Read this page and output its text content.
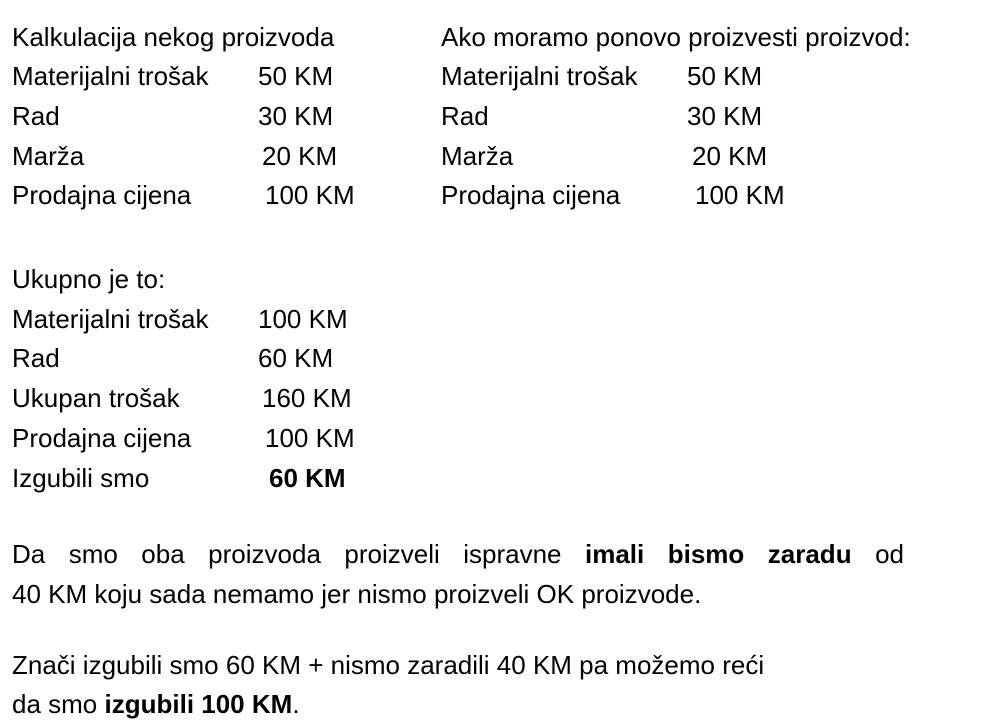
Kalkulacija nekog proizvoda
Materijalni trošak 50 KM
Rad	30 KM
Marža	20 KM
Prodajna cijena	100 KM
Ako moramo ponovo proizvesti proizvod:
Materijalni trošak 50 KM
Rad	30 KM
Marža	20 KM
Prodajna cijena	100 KM
Ukupno je to:
Materijalni trošak 100 KM
Rad	60 KM
Ukupan trošak	160 KM
Prodajna cijena	100 KM
Izgubili smo	60 KM
Da smo oba proizvoda proizveli ispravne imali bismo zaradu od
40 KM koju sada nemamo jer nismo proizveli OK proizvode.
Znači izgubili smo 60 KM + nismo zaradili 40 KM pa možemo reći
da smo izgubili 100 KM.
